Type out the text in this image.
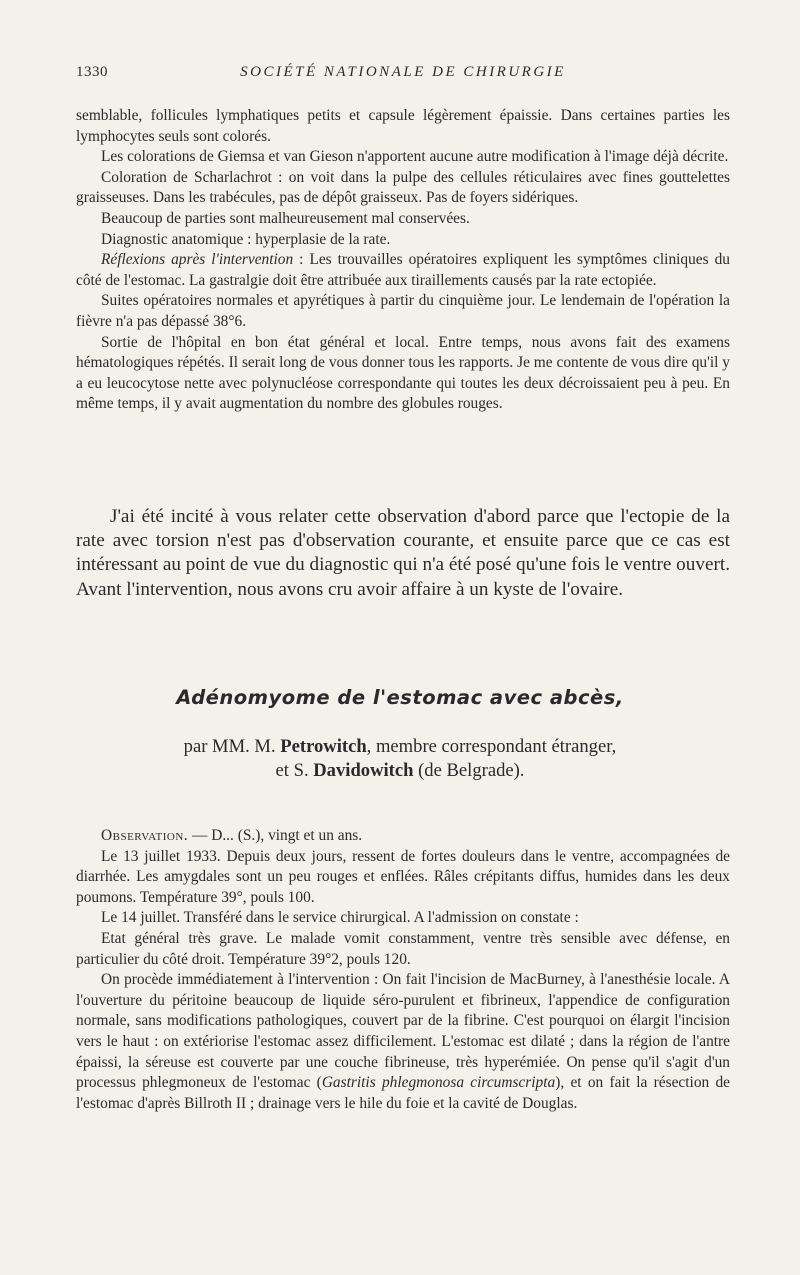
1330	SOCIÉTÉ NATIONALE DE CHIRURGIE

semblable, follicules lymphatiques petits et capsule légèrement épaissie. Dans certaines parties les lymphocytes seuls sont colorés.

Les colorations de Giemsa et van Gieson n'apportent aucune autre modification à l'image déjà décrite.

Coloration de Scharlachrot : on voit dans la pulpe des cellules réticulaires avec fines gouttelettes graisseuses. Dans les trabécules, pas de dépôt graisseux. Pas de foyers sidériques.

Beaucoup de parties sont malheureusement mal conservées.

Diagnostic anatomique : hyperplasie de la rate.

Réflexions après l'intervention : Les trouvailles opératoires expliquent les symptômes cliniques du côté de l'estomac. La gastralgie doit être attribuée aux tiraillements causés par la rate ectopiée.

Suites opératoires normales et apyrétiques à partir du cinquième jour. Le lendemain de l'opération la fièvre n'a pas dépassé 38°6.

Sortie de l'hôpital en bon état général et local. Entre temps, nous avons fait des examens hématologiques répétés. Il serait long de vous donner tous les rapports. Je me contente de vous dire qu'il y a eu leucocytose nette avec polynucléose correspondante qui toutes les deux décroissaient peu à peu. En même temps, il y avait augmentation du nombre des globules rouges.

J'ai été incité à vous relater cette observation d'abord parce que l'ectopie de la rate avec torsion n'est pas d'observation courante, et ensuite parce que ce cas est intéressant au point de vue du diagnostic qui n'a été posé qu'une fois le ventre ouvert. Avant l'intervention, nous avons cru avoir affaire à un kyste de l'ovaire.

Adénomyome de l'estomac avec abcès,
par MM. M. Petrowitch, membre correspondant étranger,
et S. Davidowitch (de Belgrade).

Observation. — D... (S.), vingt et un ans.

Le 13 juillet 1933. Depuis deux jours, ressent de fortes douleurs dans le ventre, accompagnées de diarrhée. Les amygdales sont un peu rouges et enflées. Râles crépitants diffus, humides dans les deux poumons. Température 39°, pouls 100.

Le 14 juillet. Transféré dans le service chirurgical. A l'admission on constate :

Etat général très grave. Le malade vomit constamment, ventre très sensible avec défense, en particulier du côté droit. Température 39°2, pouls 120.

On procède immédiatement à l'intervention : On fait l'incision de MacBurney, à l'anesthésie locale. A l'ouverture du péritoine beaucoup de liquide séro-purulent et fibrineux, l'appendice de configuration normale, sans modifications pathologiques, couvert par de la fibrine. C'est pourquoi on élargit l'incision vers le haut : on extériorise l'estomac assez difficilement. L'estomac est dilaté ; dans la région de l'antre épaissi, la séreuse est couverte par une couche fibrineuse, très hyperémiée. On pense qu'il s'agit d'un processus phlegmoneux de l'estomac (Gastritis phlegmonosa circumscripta), et on fait la résection de l'estomac d'après Billroth II ; drainage vers le hile du foie et la cavité de Douglas.
